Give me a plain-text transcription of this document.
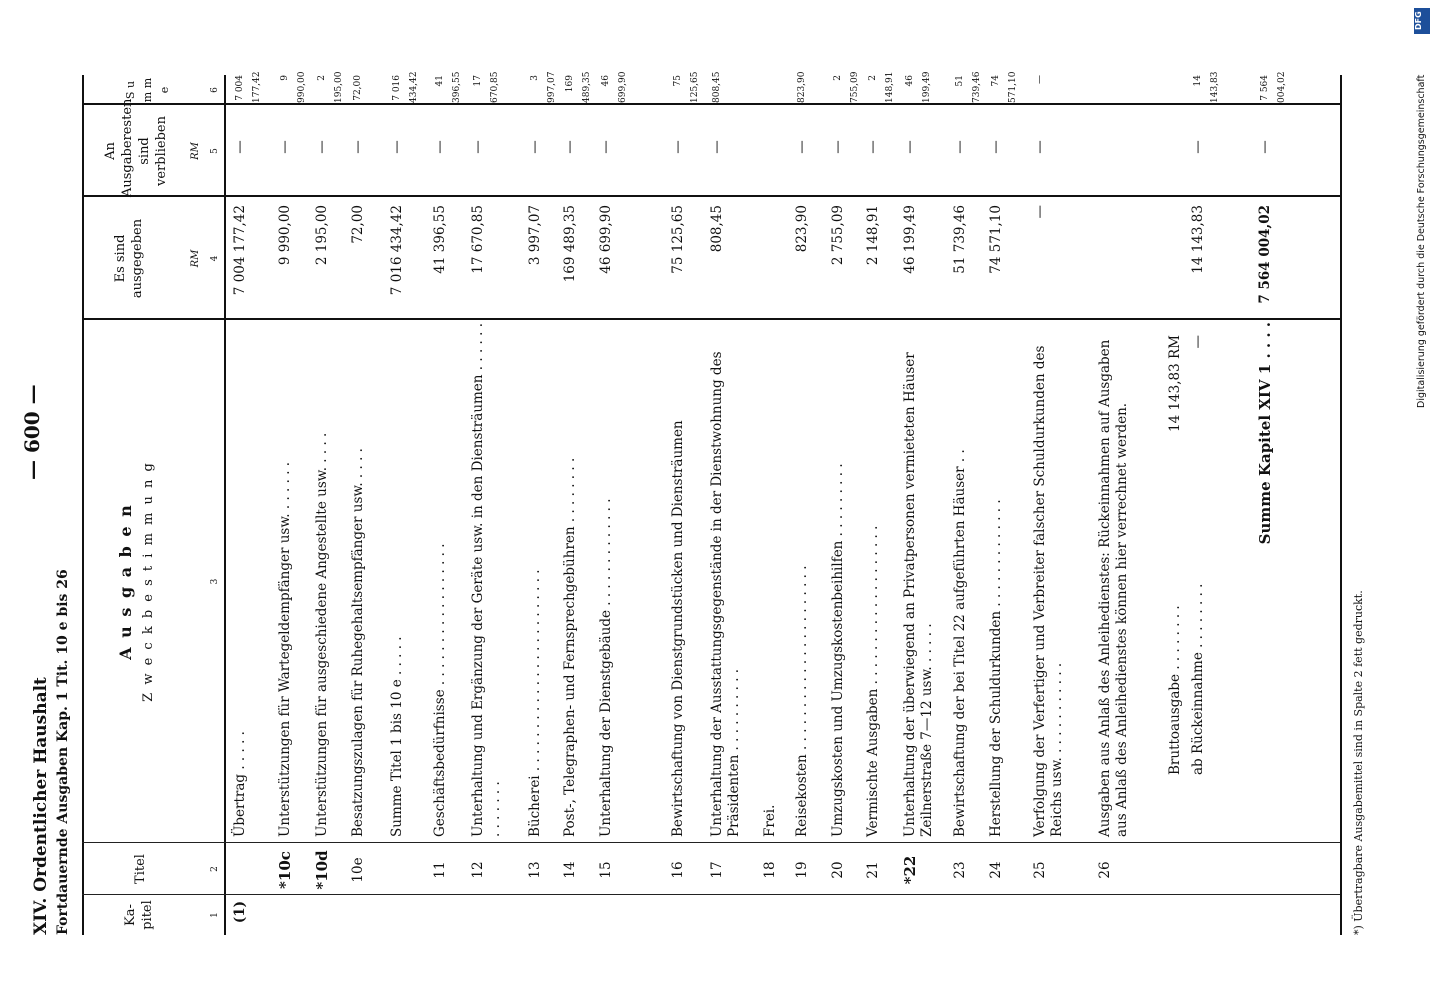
XIV. Ordentlicher Haushalt Fortdauernde Ausgaben Kap. 1 Tit. 10 e bis 26
— 600 —
Ka-pitel
Titel
A u s g a b e n Z w e c k b e s t i m m u n g
Es sind ausgegeben
An Ausgaberesten sind verblieben
S u m m e
RM
RM
1
2
3
4
5
6
(1)
Übertrag . . . . .
7 004 177,42
—
7 004 177,42
*10c
Unterstützungen für Wartegeldempfänger usw. . . . . . .
9 990,00
—
9 990,00
*10d
Unterstützungen für ausgeschiedene Angestellte usw. . . . .
2 195,00
—
2 195,00
10e
Besatzungszulagen für Ruhegehaltsempfänger usw. . . . .
72,00
—
72,00
Summe Titel 1 bis 10 e . . . . .
7 016 434,42
—
7 016 434,42
11
Geschäftsbedürfnisse . . . . . . . . . . . . . . . . .
41 396,55
—
41 396,55
12
Unterhaltung und Ergänzung der Geräte usw. in den Diensträumen . . . . . . . . . . . . .
17 670,85
—
17 670,85
13
Bücherei . . . . . . . . . . . . . . . . . . . . . . . .
3 997,07
—
3 997,07
14
Post-, Telegraphen- und Fernsprechgebühren . . . . . . . .
169 489,35
—
169 489,35
15
Unterhaltung der Dienstgebäude . . . . . . . . . . . . .
46 699,90
—
46 699,90
16
Bewirtschaftung von Dienstgrundstücken und Diensträumen
75 125,65
—
75 125,65
17
Unterhaltung der Ausstattungsgegenstände in der Dienstwohnung des Präsidenten . . . . . . . . . .
808,45
—
808,45
18
Frei.
19
Reisekosten . . . . . . . . . . . . . . . . . . . . . .
823,90
—
823,90
20
Umzugskosten und Umzugskostenbeihilfen . . . . . . . . .
2 755,09
—
2 755,09
21
Vermischte Ausgaben . . . . . . . . . . . . . . . . . . .
2 148,91
—
2 148,91
*22
Unterhaltung der überwiegend an Privatpersonen vermieteten Häuser Zeilnerstraße 7—12 usw. . . . . .
46 199,49
—
46 199,49
23
Bewirtschaftung der bei Titel 22 aufgeführten Häuser . .
51 739,46
—
51 739,46
24
Herstellung der Schuldurkunden . . . . . . . . . . . . .
74 571,10
—
74 571,10
25
Verfolgung der Verfertiger und Verbreiter falscher Schuldurkunden des Reichs usw. . . . . . . . . . . .
—
—
—
26
Ausgaben aus Anlaß des Anleihedienstes: Rückeinnahmen auf Ausgaben aus Anlaß des Anleihedienstes können hier verrechnet werden.	Bruttoausgabe . . . . . . . .
14 143,83 RM
ab Rückeinnahme . . . . . . . .
—
14 143,83
—
14 143,83
Summe Kapitel XIV 1 . . . .
7 564 004,02
—
7 564 004,02
*) Übertragbare Ausgabemittel sind in Spalte 2 fett gedruckt.
Digitalisierung gefördert durch die Deutsche Forschungsgemeinschaft
DFG
